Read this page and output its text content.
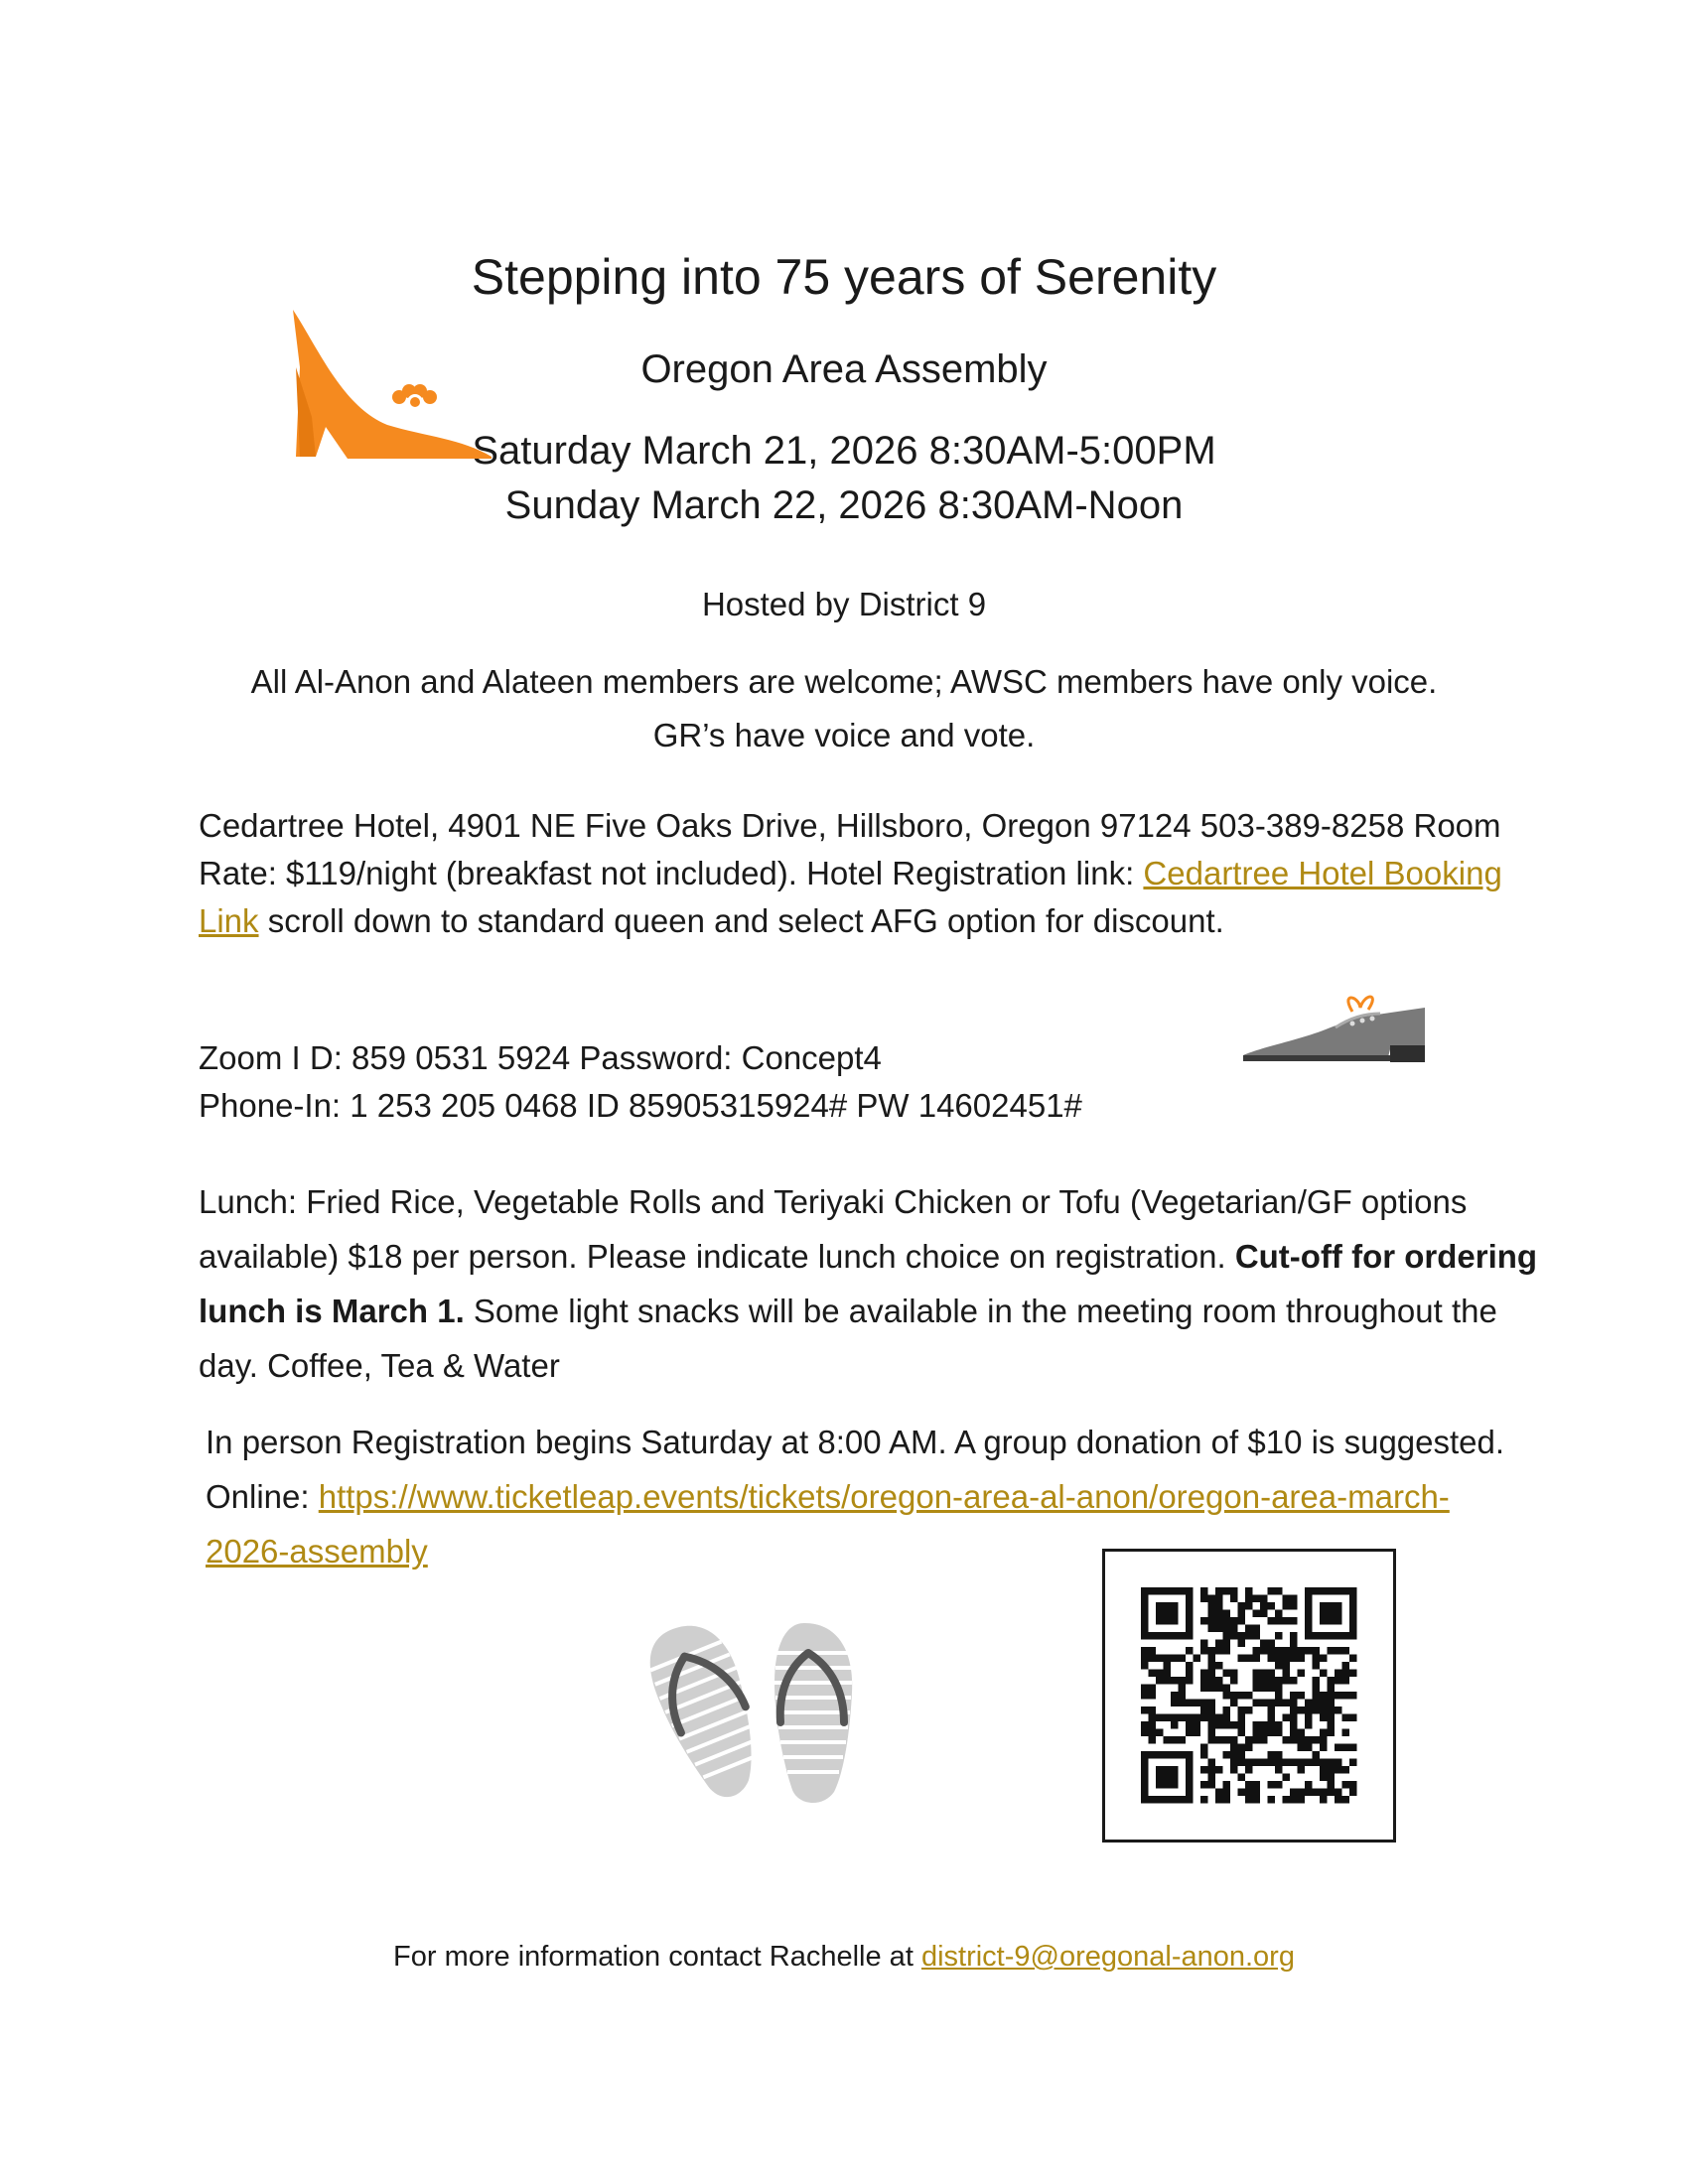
Stepping into 75 years of Serenity
Oregon Area Assembly
Saturday March 21, 2026 8:30AM-5:00PM
Sunday March 22, 2026 8:30AM-Noon
Hosted by District 9
All Al-Anon and Alateen members are welcome; AWSC members have only voice. GR’s have voice and vote.
Cedartree Hotel, 4901 NE Five Oaks Drive, Hillsboro, Oregon 97124 503-389-8258 Room Rate: $119/night (breakfast not included). Hotel Registration link: Cedartree Hotel Booking Link scroll down to standard queen and select AFG option for discount.
Zoom I D: 859 0531 5924 Password: Concept4
Phone-In: 1 253 205 0468 ID 85905315924# PW 14602451#
Lunch: Fried Rice, Vegetable Rolls and Teriyaki Chicken or Tofu (Vegetarian/GF options available) $18 per person. Please indicate lunch choice on registration. Cut-off for ordering lunch is March 1. Some light snacks will be available in the meeting room throughout the day. Coffee, Tea & Water
In person Registration begins Saturday at 8:00 AM. A group donation of $10 is suggested. Online: https://www.ticketleap.events/tickets/oregon-area-al-anon/oregon-area-march-2026-assembly
For more information contact Rachelle at district-9@oregonal-anon.org
